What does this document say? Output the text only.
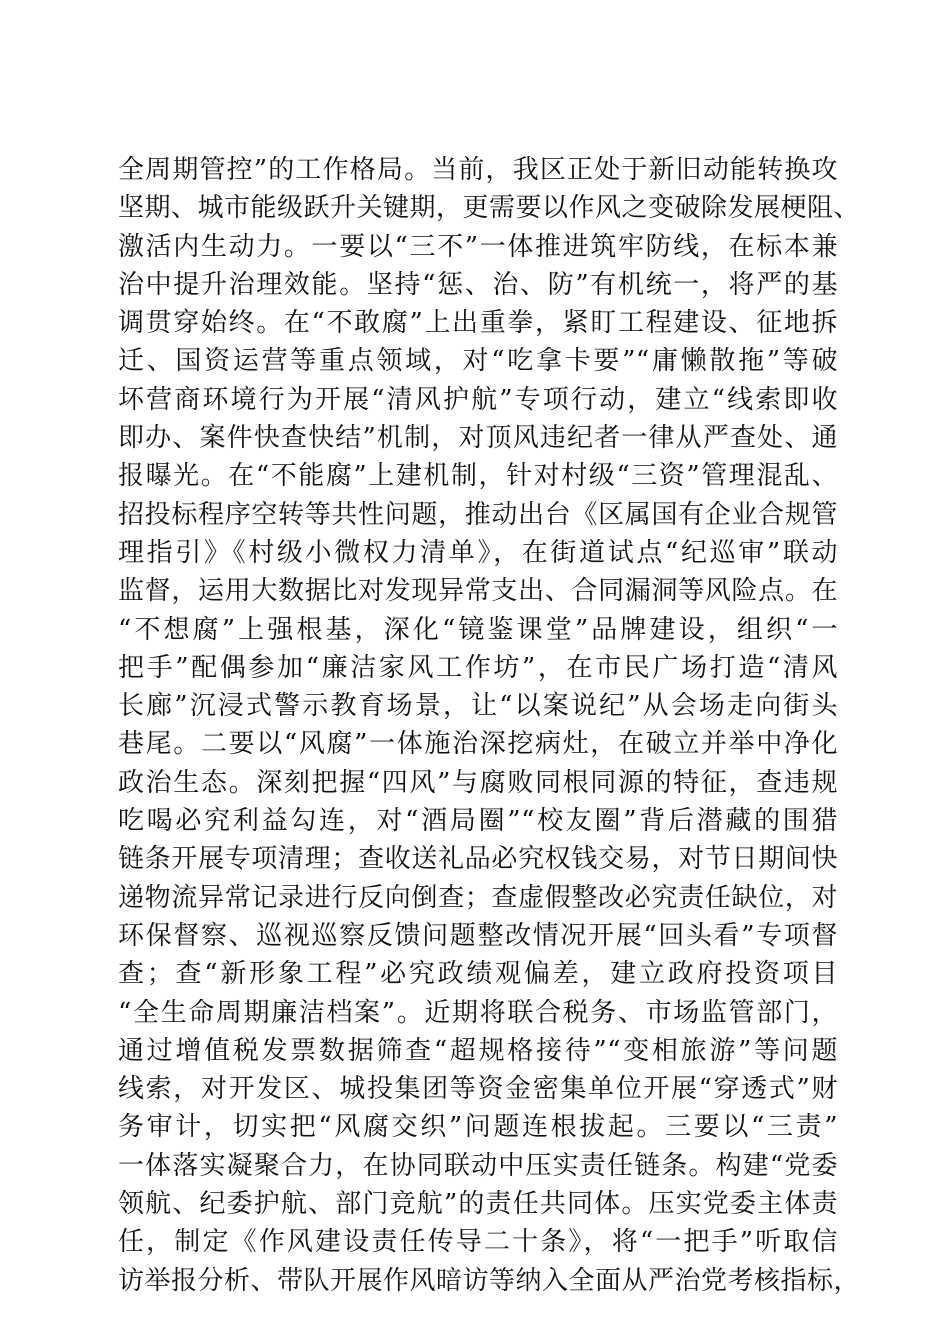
全周期管控”的工作格局。当前，我区正处于新旧动能转换攻
坚期、城市能级跃升关键期，更需要以作风之变破除发展梗阻、
激活内生动力。一要以“三不”一体推进筑牢防线，在标本兼
治中提升治理效能。坚持“惩、治、防”有机统一，将严的基
调贯穿始终。在“不敢腐”上出重拳，紧盯工程建设、征地拆
迁、国资运营等重点领域，对“吃拿卡要”“庸懒散拖”等破
坏营商环境行为开展“清风护航”专项行动，建立“线索即收
即办、案件快查快结”机制，对顶风违纪者一律从严查处、通
报曝光。在“不能腐”上建机制，针对村级“三资”管理混乱、
招投标程序空转等共性问题，推动出台《区属国有企业合规管
理指引》《村级小微权力清单》，在街道试点“纪巡审”联动
监督，运用大数据比对发现异常支出、合同漏洞等风险点。在
“不想腐”上强根基，深化“镜鉴课堂”品牌建设，组织“一
把手”配偶参加“廉洁家风工作坊”，在市民广场打造“清风
长廊”沉浸式警示教育场景，让“以案说纪”从会场走向街头
巷尾。二要以“风腐”一体施治深挖病灶，在破立并举中净化
政治生态。深刻把握“四风”与腐败同根同源的特征，查违规
吃喝必究利益勾连，对“酒局圈”“校友圈”背后潜藏的围猎
链条开展专项清理；查收送礼品必究权钱交易，对节日期间快
递物流异常记录进行反向倒查；查虚假整改必究责任缺位，对
环保督察、巡视巡察反馈问题整改情况开展“回头看”专项督
查；查“新形象工程”必究政绩观偏差，建立政府投资项目
“全生命周期廉洁档案”。近期将联合税务、市场监管部门，
通过增值税发票数据筛查“超规格接待”“变相旅游”等问题
线索，对开发区、城投集团等资金密集单位开展“穿透式”财
务审计，切实把“风腐交织”问题连根拔起。三要以“三责”
一体落实凝聚合力，在协同联动中压实责任链条。构建“党委
领航、纪委护航、部门竞航”的责任共同体。压实党委主体责
任，制定《作风建设责任传导二十条》，将“一把手”听取信
访举报分析、带队开展作风暗访等纳入全面从严治党考核指标，
